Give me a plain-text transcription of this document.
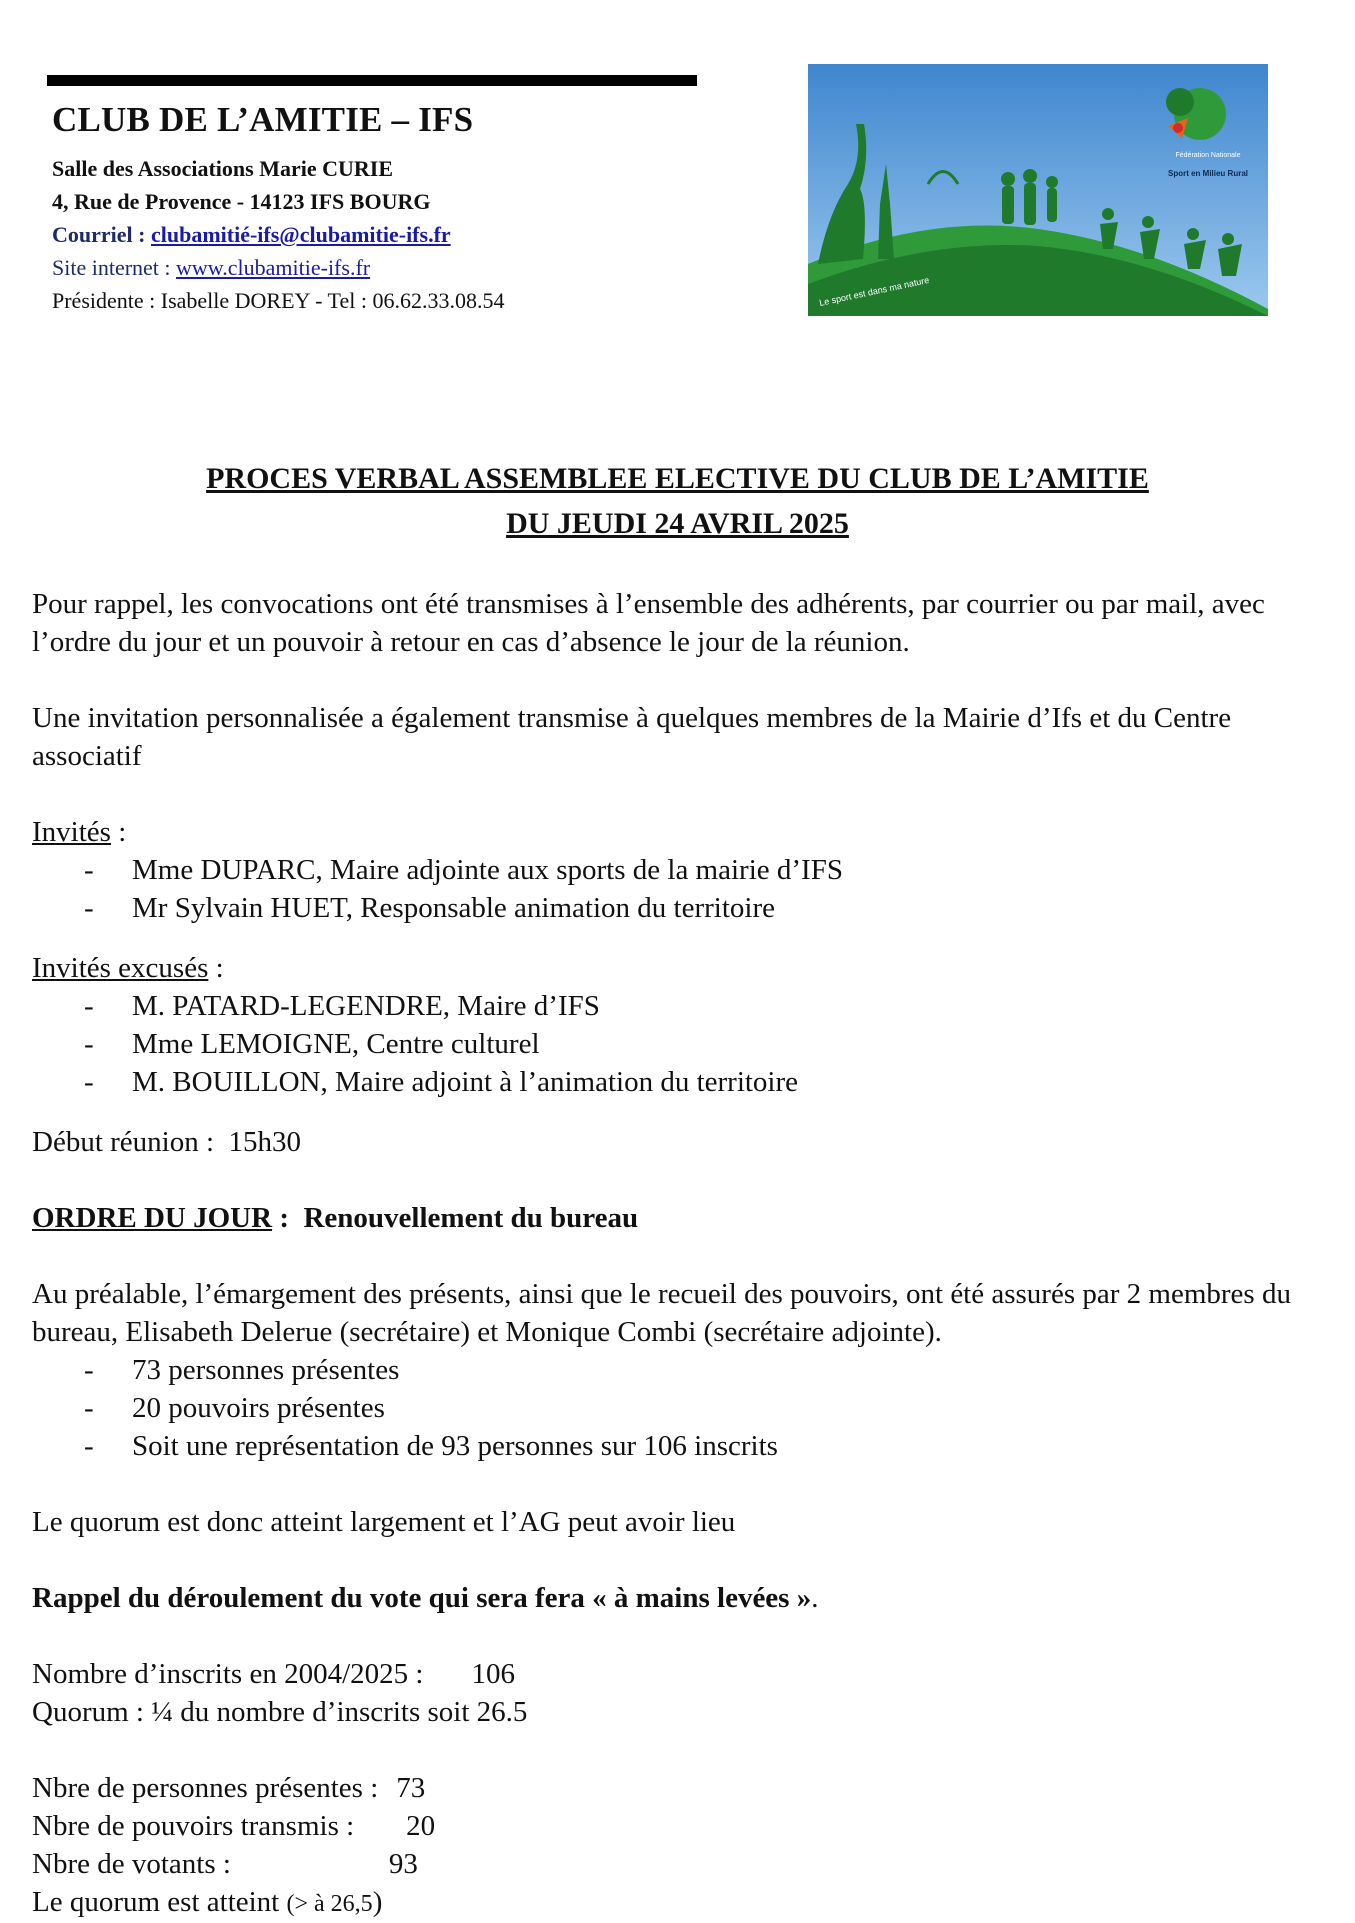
CLUB DE L’AMITIE – IFS
Salle des Associations Marie CURIE
4, Rue de Provence - 14123 IFS BOURG
Courriel : clubamitié-ifs@clubamitie-ifs.fr
Site internet : www.clubamitie-ifs.fr
Présidente : Isabelle DOREY - Tel : 06.62.33.08.54
Fédération Nationale
Sport en Milieu Rural
Le sport est dans ma nature
PROCES VERBAL ASSEMBLEE ELECTIVE DU CLUB DE L’AMITIE
DU JEUDI 24 AVRIL 2025

Pour rappel, les convocations ont été transmises à l’ensemble des adhérents, par courrier ou par mail, avec l’ordre du jour et un pouvoir à retour en cas d’absence le jour de la réunion.

Une invitation personnalisée a également transmise à quelques membres de la Mairie d’Ifs et du Centre associatif

Invités :

- Mme DUPARC, Maire adjointe aux sports de la mairie d’IFS
- Mr Sylvain HUET, Responsable animation du territoire

Invités excusés :

- M. PATARD-LEGENDRE, Maire d’IFS
- Mme LEMOIGNE, Centre culturel
- M. BOUILLON, Maire adjoint à l’animation du territoire

Début réunion :  15h30

ORDRE DU JOUR :  Renouvellement du bureau

Au préalable, l’émargement des présents, ainsi que le recueil des pouvoirs, ont été assurés par 2 membres du bureau, Elisabeth Delerue (secrétaire) et Monique Combi (secrétaire adjointe).

- 73 personnes présentes
- 20 pouvoirs présentes
- Soit une représentation de 93 personnes sur 106 inscrits

Le quorum est donc atteint largement et l’AG peut avoir lieu

Rappel du déroulement du vote qui sera fera « à mains levées ».

Nombre d’inscrits en 2004/2025 : 106

Quorum : ¼ du nombre d’inscrits soit 26.5

Nbre de personnes présentes : 73

Nbre de pouvoirs transmis : 20

Nbre de votants :	93

Le quorum est atteint (> à 26,5)
